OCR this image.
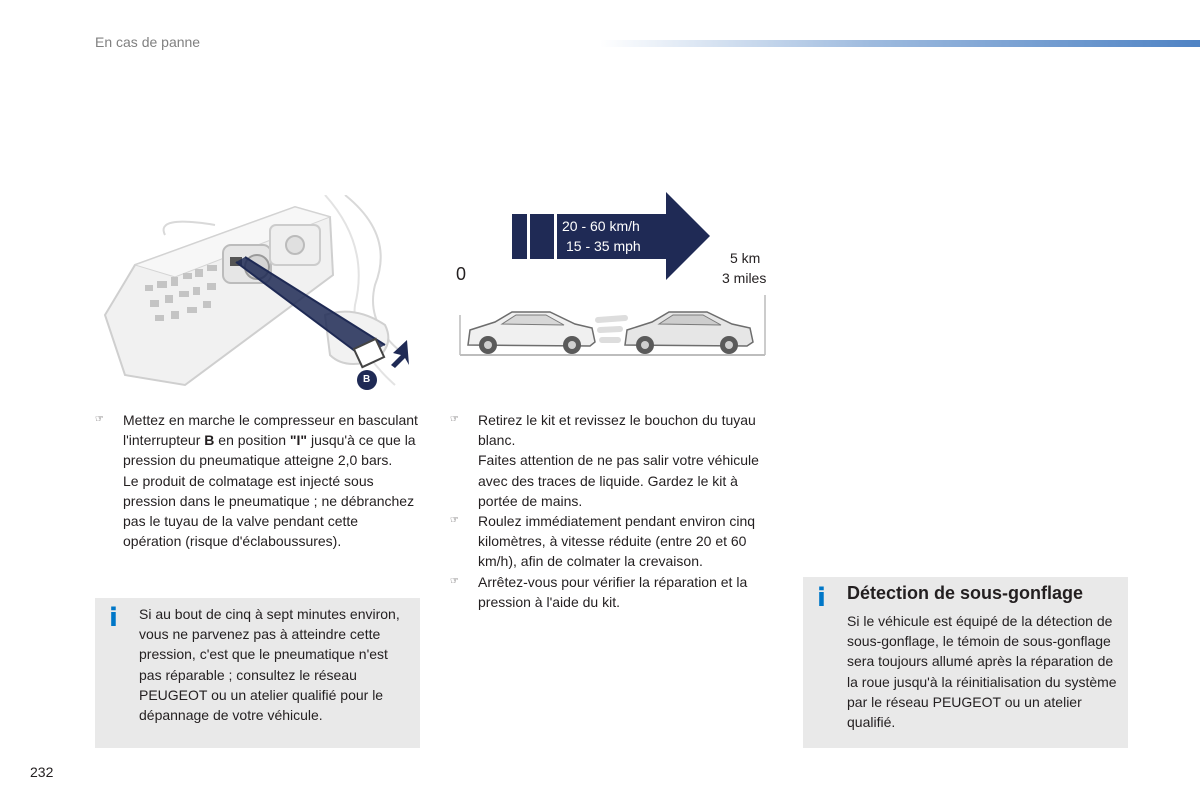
En cas de panne
B
20 - 60 km/h
15 - 35 mph
0
5 km
3 miles
☞	Mettez en marche le compresseur en basculant l'interrupteur B en position "I" jusqu'à ce que la pression du pneumatique atteigne 2,0 bars.

Le produit de colmatage est injecté sous pression dans le pneumatique ; ne débranchez pas le tuyau de la valve pendant cette opération (risque d'éclaboussures).

i Si au bout de cinq à sept minutes environ, vous ne parvenez pas à atteindre cette pression, c'est que le pneumatique n'est pas réparable ; consultez le réseau PEUGEOT ou un atelier qualifié pour le dépannage de votre véhicule.
☞	Retirez le kit et revissez le bouchon du tuyau blanc.

Faites attention de ne pas salir votre véhicule avec des traces de liquide. Gardez le kit à portée de mains.

☞	Roulez immédiatement pendant environ cinq kilomètres, à vitesse réduite (entre 20 et 60 km/h), afin de colmater la crevaison.

☞	Arrêtez-vous pour vérifier la réparation et la pression à l'aide du kit.	i Détection de sous-gonflage
Si le véhicule est équipé de la détection de sous-gonflage, le témoin de sous-gonflage sera toujours allumé après la réparation de la roue jusqu'à la réinitialisation du système par le réseau PEUGEOT ou un atelier qualifié.
232
